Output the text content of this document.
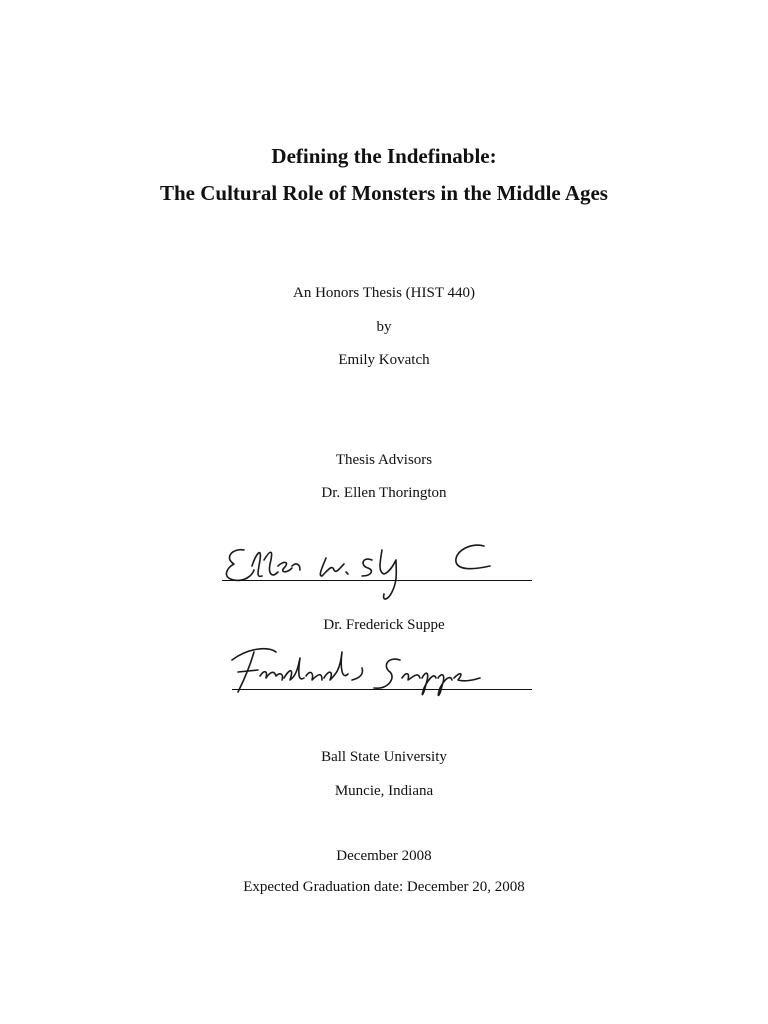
Defining the Indefinable:
The Cultural Role of Monsters in the Middle Ages
An Honors Thesis (HIST 440)
by
Emily Kovatch
Thesis Advisors
Dr. Ellen Thorington
Dr. Frederick Suppe
Ball State University
Muncie, Indiana
December 2008
Expected Graduation date: December 20, 2008
